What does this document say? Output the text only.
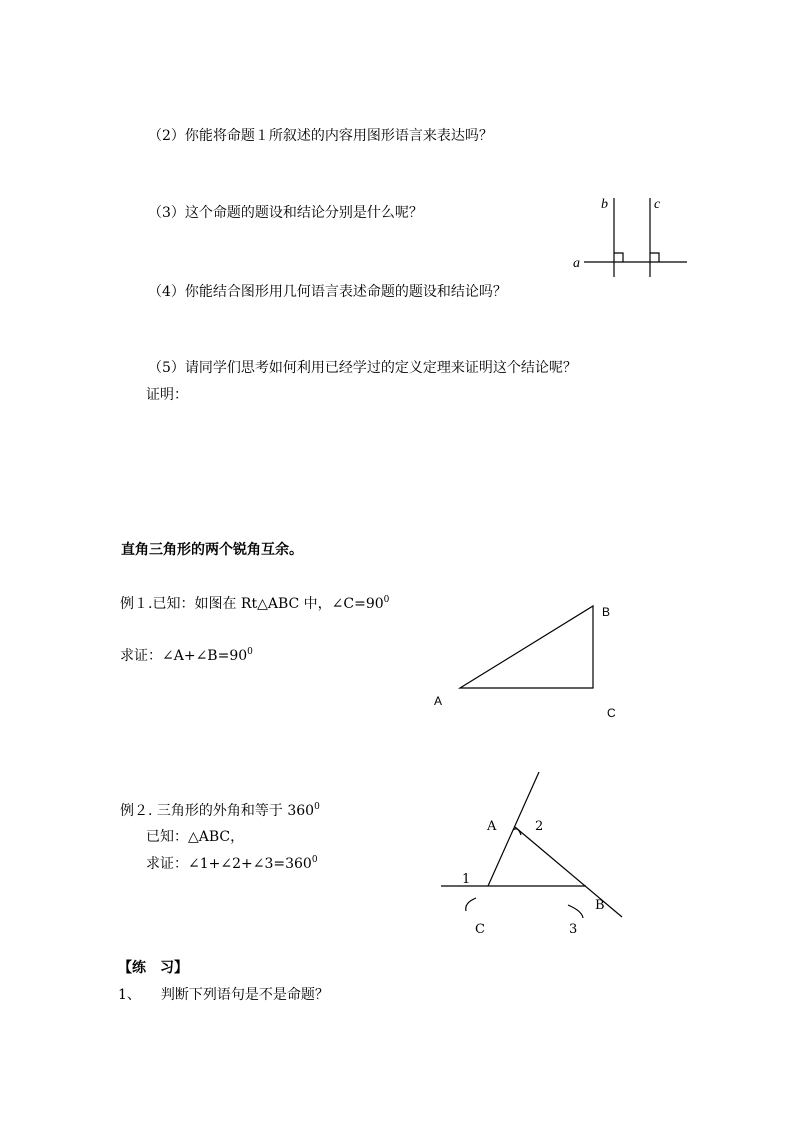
（2）你能将命题１所叙述的内容用图形语言来表达吗？
（3）这个命题的题设和结论分别是什么呢？
（4）你能结合图形用几何语言表述命题的题设和结论吗？
（5）请同学们思考如何利用已经学过的定义定理来证明这个结论呢？
证明：
b	c
a
直角三角形的两个锐角互余。
例１.已知：如图在 Rt△ABC 中，$\angle C=90^0$
求证：$\angle A+\angle B=90^0$
B
A
C
例２. 三角形的外角和等于 $360^0$
已知：△ABC，
求证：$\angle 1+\angle 2+\angle 3=360^0$
A	2
1
B
C	3
【练　习】
1、 判断下列语句是不是命题？
